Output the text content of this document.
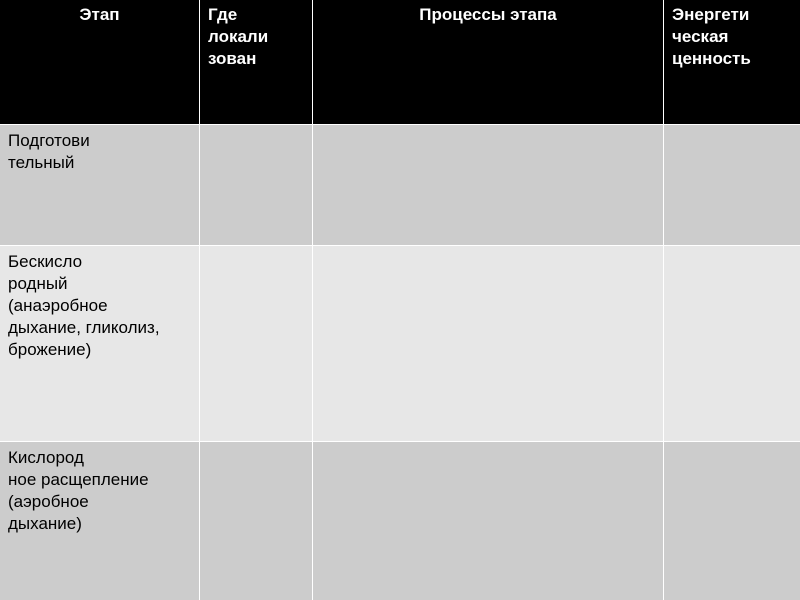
Этап	Где
локали
зован
Процессы этапа	Энергети
ческая
ценность
Подготови
тельный
Бескисло
родный
(анаэробное
дыхание, гликолиз,
брожение)
Кислород
ное расщепление
(аэробное
дыхание)
